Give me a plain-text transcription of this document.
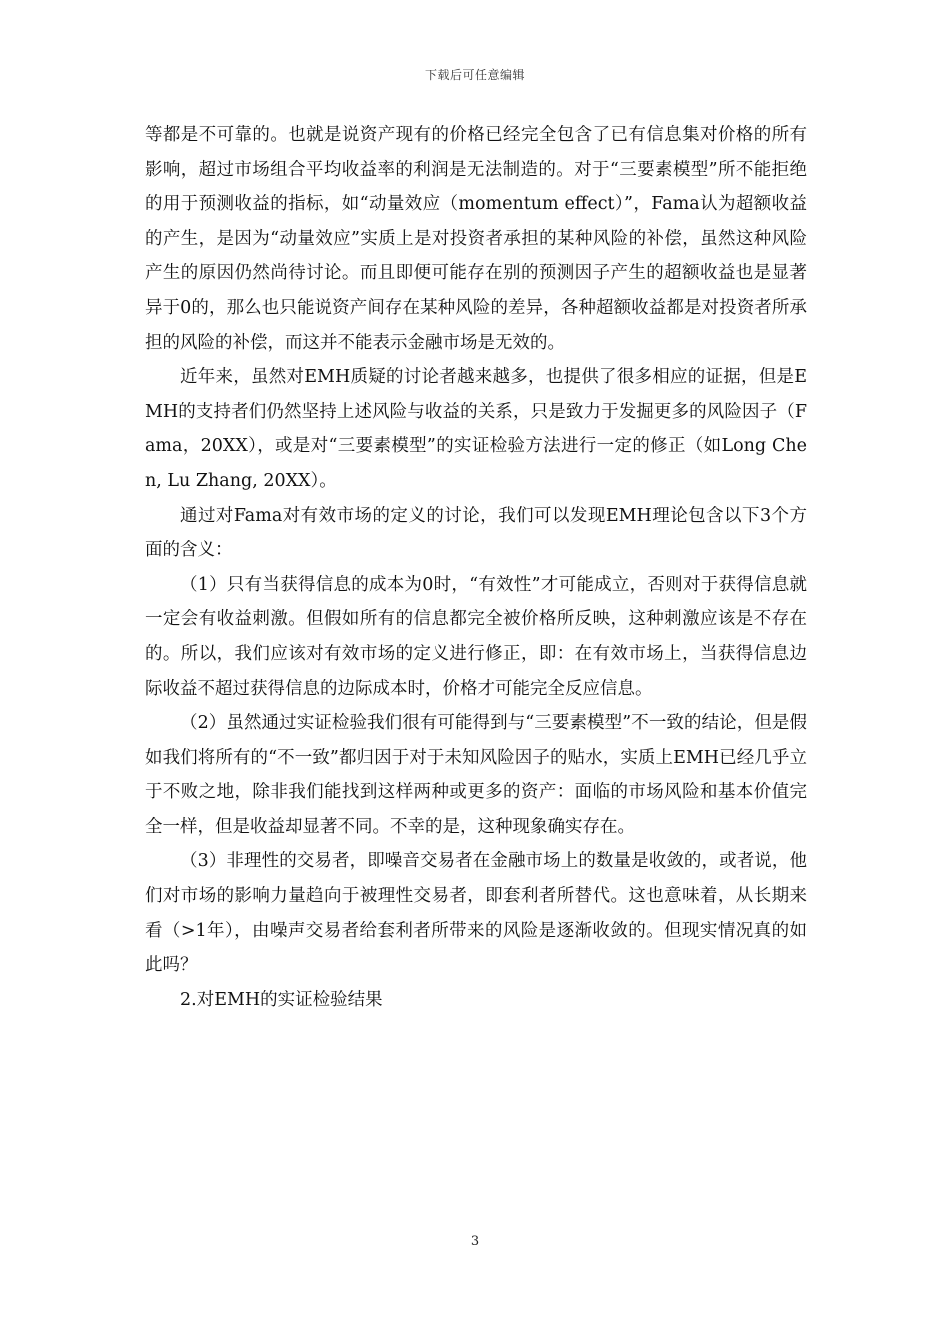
下载后可任意编辑

等都是不可靠的。也就是说资产现有的价格已经完全包含了已有信息集对价格的所有影响，超过市场组合平均收益率的利润是无法制造的。对于“三要素模型”所不能拒绝的用于预测收益的指标，如“动量效应（momentum effect）”，Fama认为超额收益的产生，是因为“动量效应”实质上是对投资者承担的某种风险的补偿，虽然这种风险产生的原因仍然尚待讨论。而且即便可能存在别的预测因子产生的超额收益也是显著异于0的，那么也只能说资产间存在某种风险的差异，各种超额收益都是对投资者所承担的风险的补偿，而这并不能表示金融市场是无效的。

近年来，虽然对EMH质疑的讨论者越来越多，也提供了很多相应的证据，但是EMH的支持者们仍然坚持上述风险与收益的关系，只是致力于发掘更多的风险因子（Fama，20XX），或是对“三要素模型”的实证检验方法进行一定的修正（如Long Chen, Lu Zhang, 20XX）。

通过对Fama对有效市场的定义的讨论，我们可以发现EMH理论包含以下3个方面的含义：

（1）只有当获得信息的成本为0时，“有效性”才可能成立，否则对于获得信息就一定会有收益刺激。但假如所有的信息都完全被价格所反映，这种刺激应该是不存在的。所以，我们应该对有效市场的定义进行修正，即：在有效市场上，当获得信息边际收益不超过获得信息的边际成本时，价格才可能完全反应信息。

（2）虽然通过实证检验我们很有可能得到与“三要素模型”不一致的结论，但是假如我们将所有的“不一致”都归因于对于未知风险因子的贴水，实质上EMH已经几乎立于不败之地，除非我们能找到这样两种或更多的资产：面临的市场风险和基本价值完全一样，但是收益却显著不同。不幸的是，这种现象确实存在。

（3）非理性的交易者，即噪音交易者在金融市场上的数量是收敛的，或者说，他们对市场的影响力量趋向于被理性交易者，即套利者所替代。这也意味着，从长期来看（>1年），由噪声交易者给套利者所带来的风险是逐渐收敛的。但现实情况真的如此吗？

2.对EMH的实证检验结果

3
